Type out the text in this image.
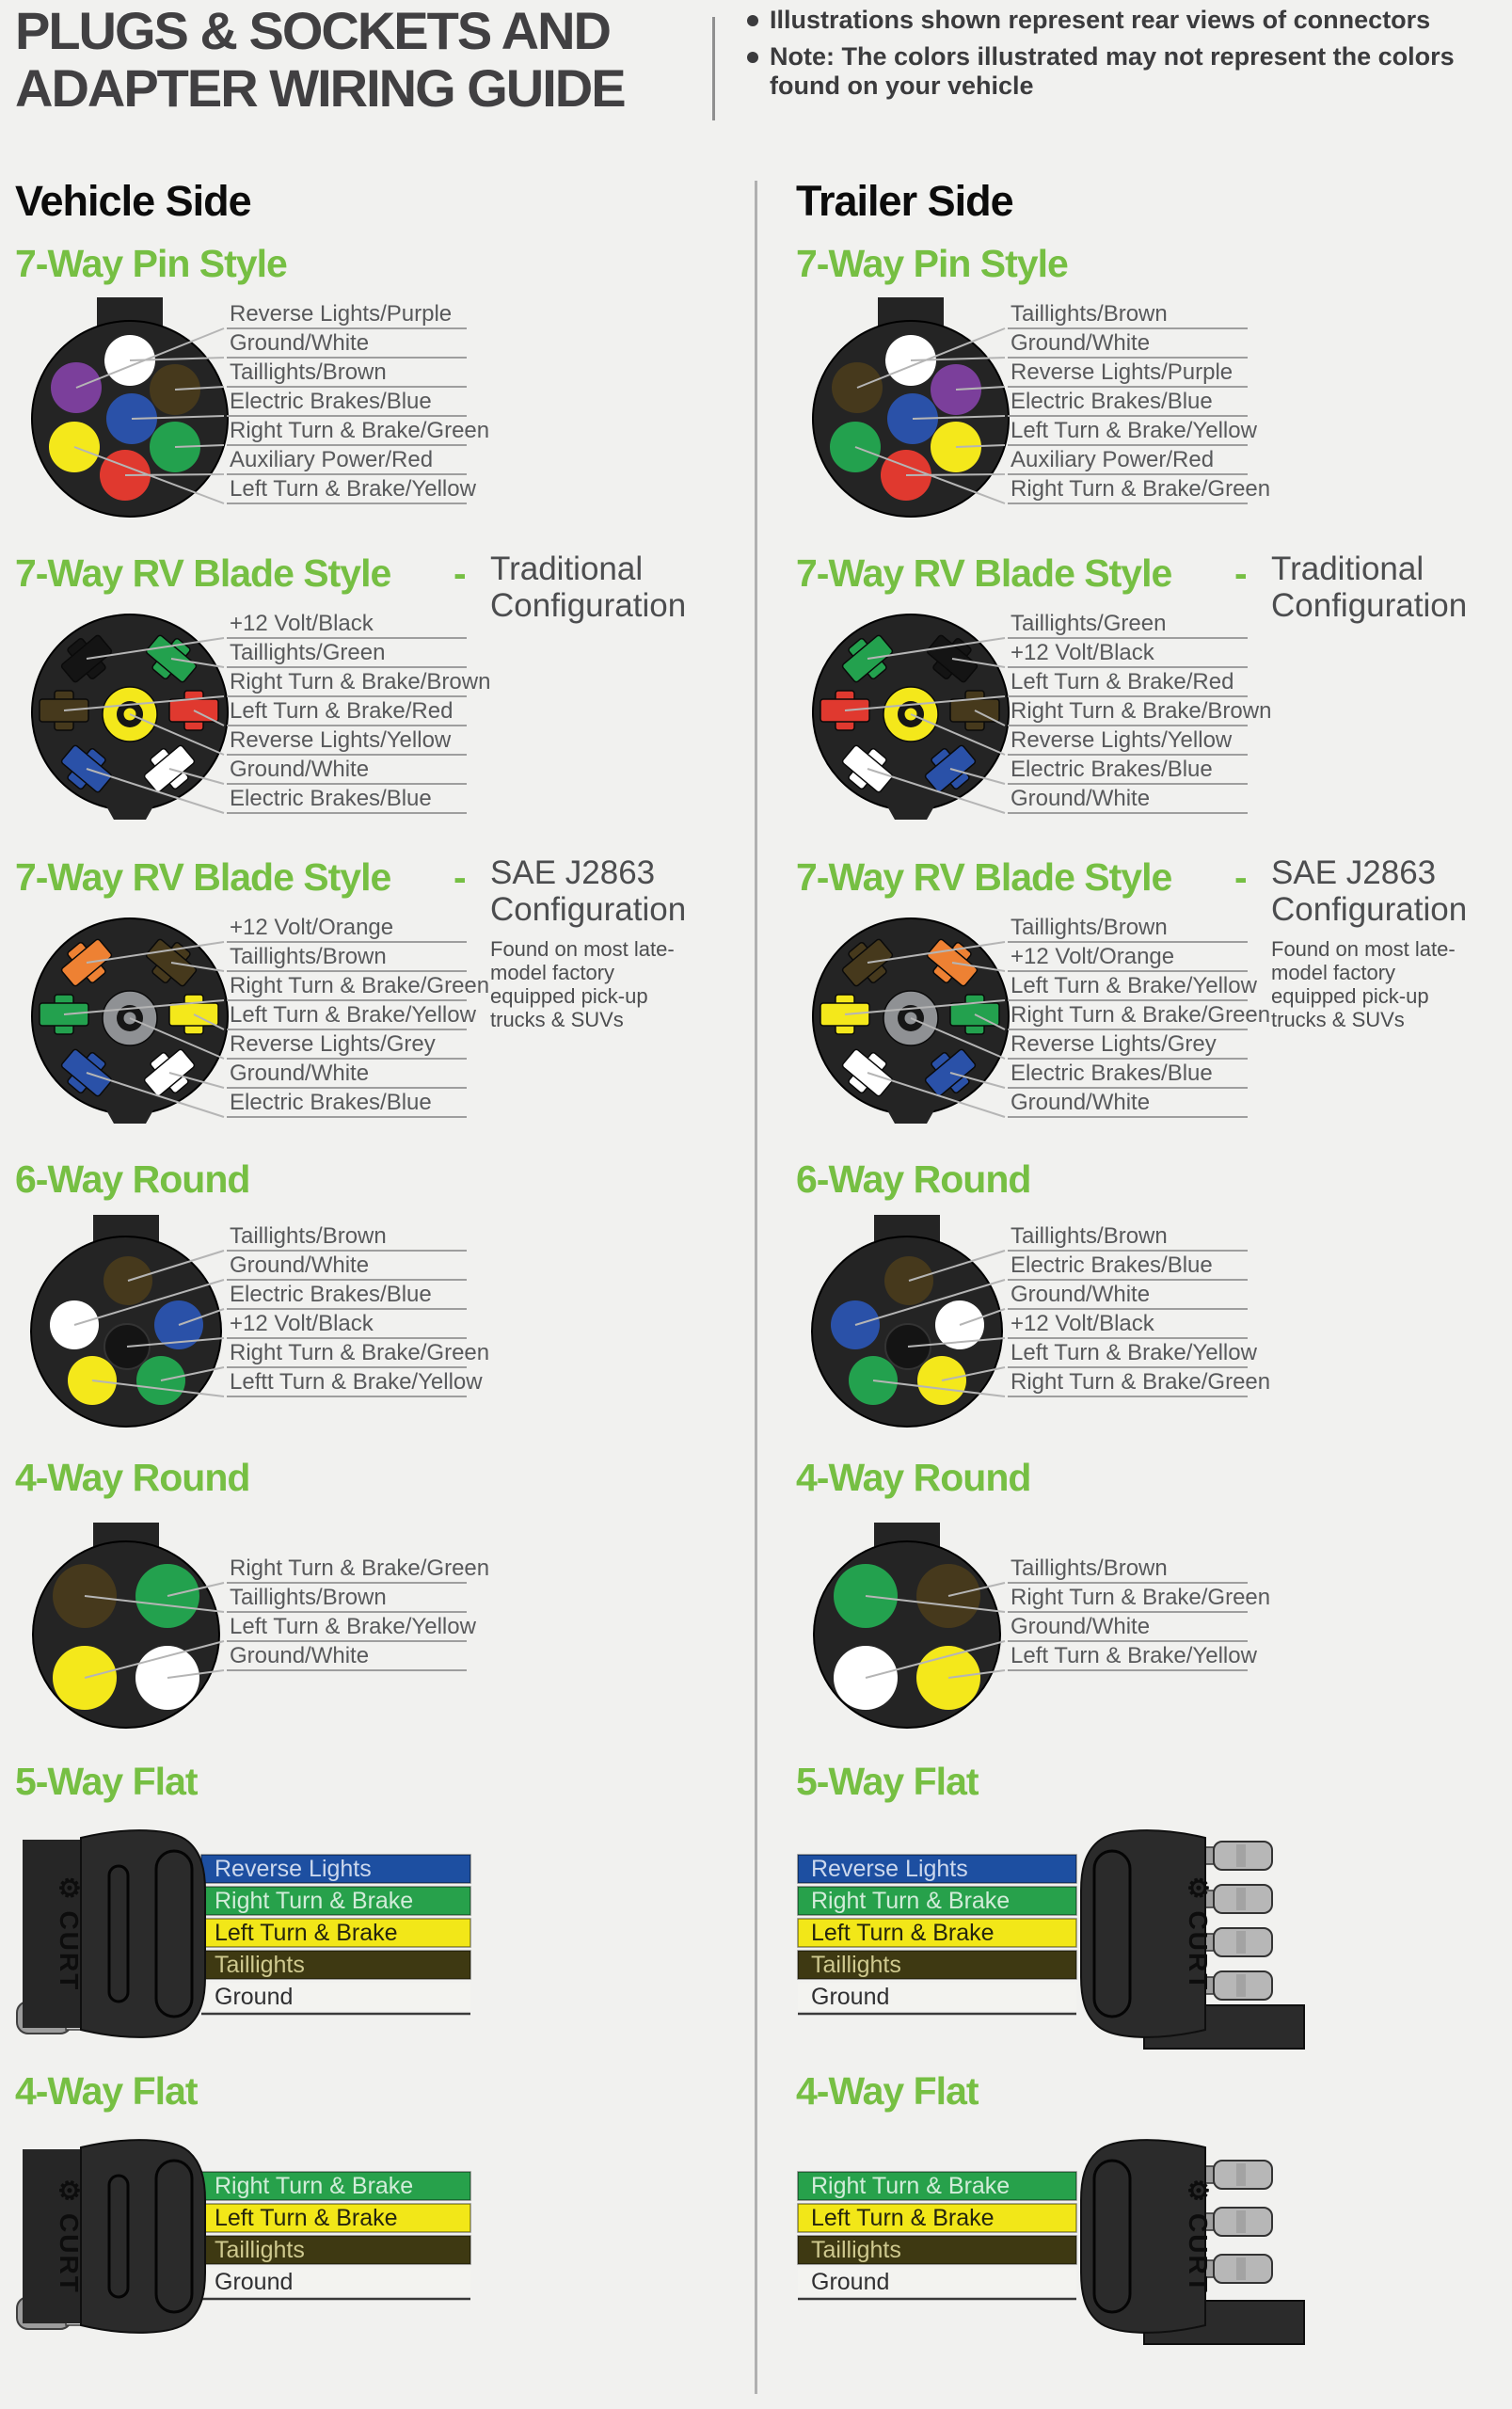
PLUGS & SOCKETS AND
ADAPTER WIRING GUIDE
Illustrations shown represent rear views of connectors
Note: The colors illustrated may not represent the colors found on your vehicle
Vehicle Side
7-Way Pin Style
Reverse Lights/Purple
Ground/White
Taillights/Brown
Electric Brakes/Blue
Right Turn & Brake/Green
Auxiliary Power/Red
Left Turn & Brake/Yellow
7-Way RV Blade Style - Traditional Configuration
+12 Volt/Black
Taillights/Green
Right Turn & Brake/Brown
Left Turn & Brake/Red
Reverse Lights/Yellow
Ground/White
Electric Brakes/Blue
7-Way RV Blade Style - SAE J2863 Configuration
Found on most late-model factory equipped pick-up trucks & SUVs
+12 Volt/Orange
Taillights/Brown
Right Turn & Brake/Green
Left Turn & Brake/Yellow
Reverse Lights/Grey
Ground/White
Electric Brakes/Blue
6-Way Round
Taillights/Brown
Ground/White
Electric Brakes/Blue
+12 Volt/Black
Right Turn & Brake/Green
Leftt Turn & Brake/Yellow
4-Way Round
Right Turn & Brake/Green
Taillights/Brown
Left Turn & Brake/Yellow
Ground/White
5-Way Flat
Reverse Lights
Right Turn & Brake
Left Turn & Brake
Taillights
Ground
⚙ CURT
4-Way Flat
Right Turn & Brake
Left Turn & Brake
Taillights
Ground
⚙ CURT
Trailer Side
7-Way Pin Style
Taillights/Brown
Ground/White
Reverse Lights/Purple
Electric Brakes/Blue
Left Turn & Brake/Yellow
Auxiliary Power/Red
Right Turn & Brake/Green
7-Way RV Blade Style - Traditional Configuration
Taillights/Green
+12 Volt/Black
Left Turn & Brake/Red
Right Turn & Brake/Brown
Reverse Lights/Yellow
Electric Brakes/Blue
Ground/White
7-Way RV Blade Style - SAE J2863 Configuration
Found on most late-model factory equipped pick-up trucks & SUVs
Taillights/Brown
+12 Volt/Orange
Left Turn & Brake/Yellow
Right Turn & Brake/Green
Reverse Lights/Grey
Electric Brakes/Blue
Ground/White
6-Way Round
Taillights/Brown
Electric Brakes/Blue
Ground/White
+12 Volt/Black
Left Turn & Brake/Yellow
Right Turn & Brake/Green
4-Way Round
Taillights/Brown
Right Turn & Brake/Green
Ground/White
Left Turn & Brake/Yellow
5-Way Flat
Reverse Lights
Right Turn & Brake
Left Turn & Brake
Taillights
Ground
⚙ CURT
4-Way Flat
Right Turn & Brake
Left Turn & Brake
Taillights
Ground	⚙ CURT
